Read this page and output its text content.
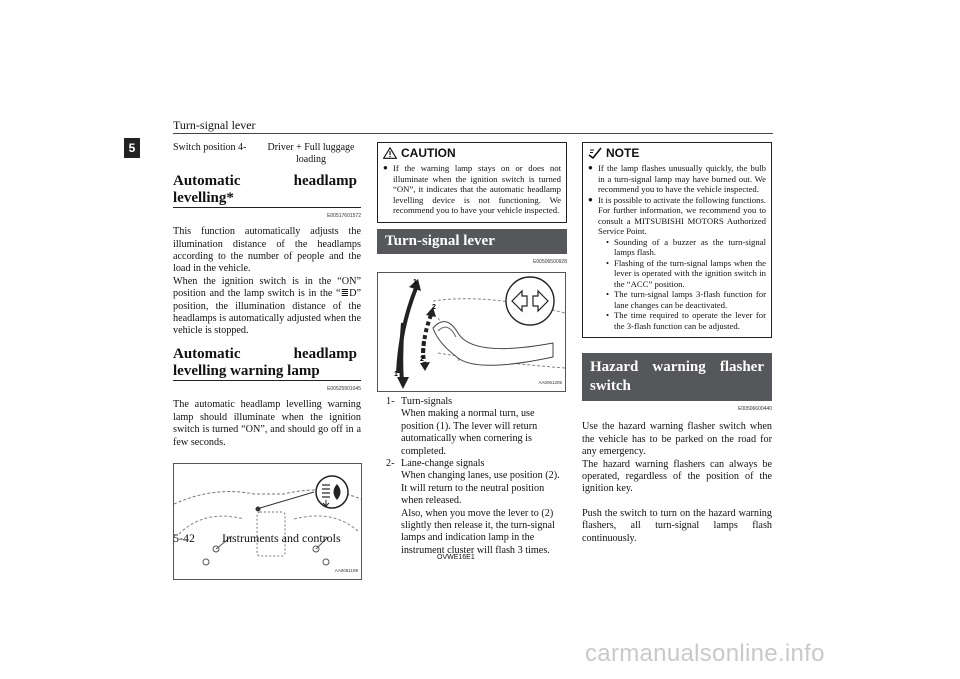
Turn-signal lever
5	Switch position 4-	Driver + Full luggage loading
Automatic headlamp levelling*
E00517601572

This function automatically adjusts the illumination distance of the headlamps according to the number of people and the load in the vehicle.

When the ignition switch is in the “ON” position and the lamp switch is in the “≣D” position, the illumination distance of the headlamps is automatically adjusted when the vehicle is stopped.

Automatic headlamp levelling warning lamp
E00525901045

The automatic headlamp levelling warning lamp should illuminate when the ignition switch is turned “ON”, and should go off in a few seconds.

AA0061199
CAUTION
● If the warning lamp stays on or does not illuminate when the ignition switch is turned “ON”, it indicates that the automatic headlamp levelling device is not functioning. We recommend you to have your vehicle inspected.
Turn-signal lever
E00506500928
1
2
2
1
AA0061205
1- Turn-signals

When making a normal turn, use position (1). The lever will return automatically when cornering is completed.

2- Lane-change signals

When changing lanes, use position (2). It will return to the neutral position when released.

Also, when you move the lever to (2) slightly then release it, the turn-signal lamps and indication lamp in the instrument cluster will flash 3 times.

NOTE
● If the lamp flashes unusually quickly, the bulb in a turn-signal lamp may have burned out. We recommend you to have the vehicle inspected.
● It is possible to activate the following functions. For further information, we recommend you to consult a MITSUBISHI MOTORS Authorized Service Point.
• Sounding of a buzzer as the turn-signal lamps flash.
• Flashing of the turn-signal lamps when the lever is operated with the ignition switch in the “ACC” position.
• The turn-signal lamps 3-flash function for lane changes can be deactivated.
• The time required to operate the lever for the 3-flash function can be adjusted.
Hazard warning flasher switch
E00506600440

Use the hazard warning flasher switch when the vehicle has to be parked on the road for any emergency.

The hazard warning flashers can always be operated, regardless of the position of the ignition key.

Push the switch to turn on the hazard warning flashers, all turn-signal lamps flash continuously.

5-42 Instruments and controls
OVWE16E1
carmanualsonline.info
